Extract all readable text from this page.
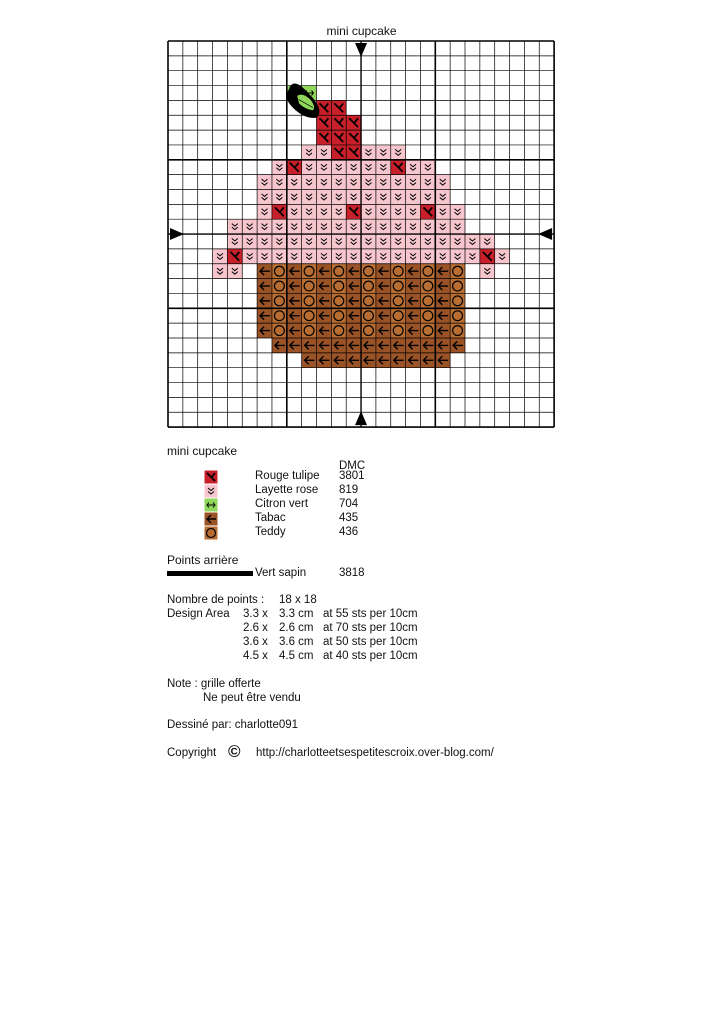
mini cupcake
mini cupcake
DMC
Rouge tulipe 3801
Layette rose 819
Citron vert	704
Tabac	435
Teddy	436
Points arrière
Vert sapin	3818
Nombre de points : 18 x 18
Design Area 3.3 x 3.3 cm at 55 sts per 10cm
2.6 x 2.6 cm at 70 sts per 10cm
3.6 x 3.6 cm at 50 sts per 10cm
4.5 x 4.5 cm at 40 sts per 10cm
Note : grille offerte
Ne peut être vendu
Dessiné par: charlotte091
Copyright © http://charlotteetsespetitescroix.over-blog.com/
